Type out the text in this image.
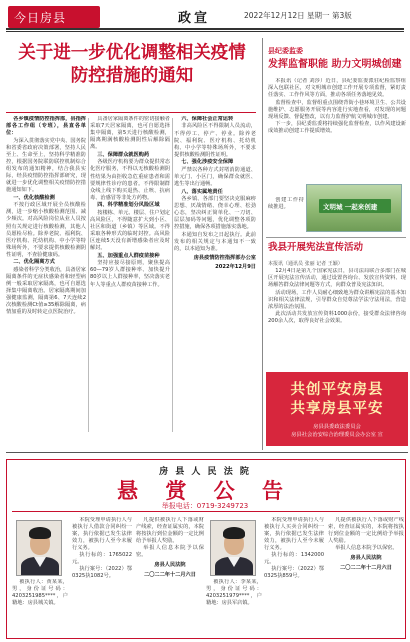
今日房县	政宣	2022年12月12日 星期一 第3版
关于进一步优化调整相关疫情防控措施的通知

各乡镇疫情防控指挥部，县指挥部各工作组（专班），县直各单位：

为深入贯彻落实党中央、国务院和省委省政府决策部署，坚持人民至上、生命至上，坚持科学精准防控，根据国务院联防联控机制综合组发布的通知精神，结合我县实际，经县疫情防控指挥部研究，现就进一步优化调整相关疫情防控措施通知如下。

一、优化核酸检测

不按行政区域开展全员核酸检测，进一步缩小核酸检测范围、减少频次。对高风险岗位从业人员按照有关规定进行核酸检测，其他人员愿检尽检。除养老院、福利院、医疗机构、托幼机构、中小学等特殊场所外，不要求提供核酸检测阴性证明，不查验健康码。

二、优化隔离方式

感染者科学分类收治，具备居家隔离条件的无症状感染者和轻型病例一般采取居家隔离，也可自愿选择集中隔离收治。居家隔离期间加强健康监测，隔离第6、7天连续2次核酸检测Ct值≥35解除隔离，病情加重的及时转定点医院治疗。

具备居家隔离条件的密切接触者采取7天居家隔离，也可自愿选择集中隔离，第5天进行核酸检测，隔离期满核酸检测阴性后解除隔离。

三、保障群众就医购药

各级医疗机构要为群众提供常态化医疗服务，不得以无核酸检测阴性结果为由拒收急危重症患者和需要规律性诊疗的患者。不得限制群众线上线下购买退热、止咳、抗病毒、治感冒等非处方药物。

四、科学精准划分风险区域

按楼栋、单元、楼层、住户划定高风险区，不得随意扩大到小区、社区和街道（乡镇）等区域。不得采取各种形式的临时封控。高风险区连续5天没有新增感染者应及时解封。

五、加强重点人群疫苗接种

坚持应接尽接原则，聚焦提高60—79岁人群接种率、加快提升80岁以上人群接种率，坚决落实老年人等重点人群疫苗接种工作。

六、保障社会正常运转

非高风险区不得限制人员流动，不得停工、停产、停业。除养老院、福利院、医疗机构、托幼机构、中小学等特殊场所外，不要求提供核酸检测阴性证明。

七、强化涉疫安全保障

严禁以各种方式封堵消防通道、单元门、小区门，确保群众就医、逃生等出行通畅。

八、落实属地责任

各乡镇、各部门要坚决克服麻痹思想、厌战情绪、侥幸心理、松劲心态，坚决纠正简单化、一刀切、层层加码等问题，优化调整各项防控措施，确保各项措施落实落地。

本通知自发布之日起执行。此前发布的相关规定与本通知不一致的，以本通知为准。

房县疫情防控指挥部办公室

2022年12月9日

县纪委监委
发挥监督职能 助力文明城创建

本报讯（记者 刘莎）近日，县纪委监委派驻纪检监察组深入包联社区，对文明城市创建工作开展专项监督，紧盯责任落实、工作作风等方面，推动各项任务落地见效。

监督检查中，监督组重点围绕背街小巷环境卫生、公共设施维护、志愿服务开展等内容进行实地查看，对发现的问题现场反馈、督促整改，以有力监督护航文明城市创建。

下一步，县纪委监委将持续强化监督检查，以作风建设新成效推动创建工作提质增效。

文明城 一起来创建

创建工作持续推进。

我县开展宪法宣传活动
本报讯（通讯员 张丽 记者 王颖）

12月4日是第九个国家宪法日，县司法局联合多部门在城区开展宪法宣传活动，通过设置咨询台、发放宣传资料、现场解答群众法律问题等方式，向群众普及宪法知识。

活动现场，工作人员耐心细致地为群众讲解宪法的基本知识和相关法律法规，引导群众自觉尊法学法守法用法，营造浓厚的法治氛围。

此次活动共发放宣传资料1000余份，接受群众法律咨询200余人次，取得良好社会效果。

共创平安房县
共享房县平安
房县县委政法委员会
房县社会治安综合治理委员会办公室 宣
房 县 人 民 法 院
悬 赏 公 告
举报电话：0719-3249723

被执行人：黄某某，男，身份证号码：4203251985****，户籍地：房县城关镇。

本院受理申请执行人与被执行人借款合同纠纷一案，执行依据已发生法律效力，被执行人至今未履行义务。

执行标的：1765022元。

执行案号：（2022）鄂0325执1082号。

凡提供被执行人下落或财产线索，经查证属实的，本院将按执行到位金额的一定比例给予举报人奖励。

举报人信息本院予以保密。

房县人民法院

二〇二二年十二月六日

被执行人：李某某，男，身份证号码：4203251979****，户籍地：房县军店镇。

本院受理申请执行人与被执行人买卖合同纠纷一案，执行依据已发生法律效力，被执行人至今未履行义务。

执行标的：1342000元。

执行案号：（2022）鄂0325执859号。

凡提供被执行人下落或财产线索，经查证属实的，本院将按执行到位金额的一定比例给予举报人奖励。

举报人信息本院予以保密。

房县人民法院

二〇二二年十二月六日
